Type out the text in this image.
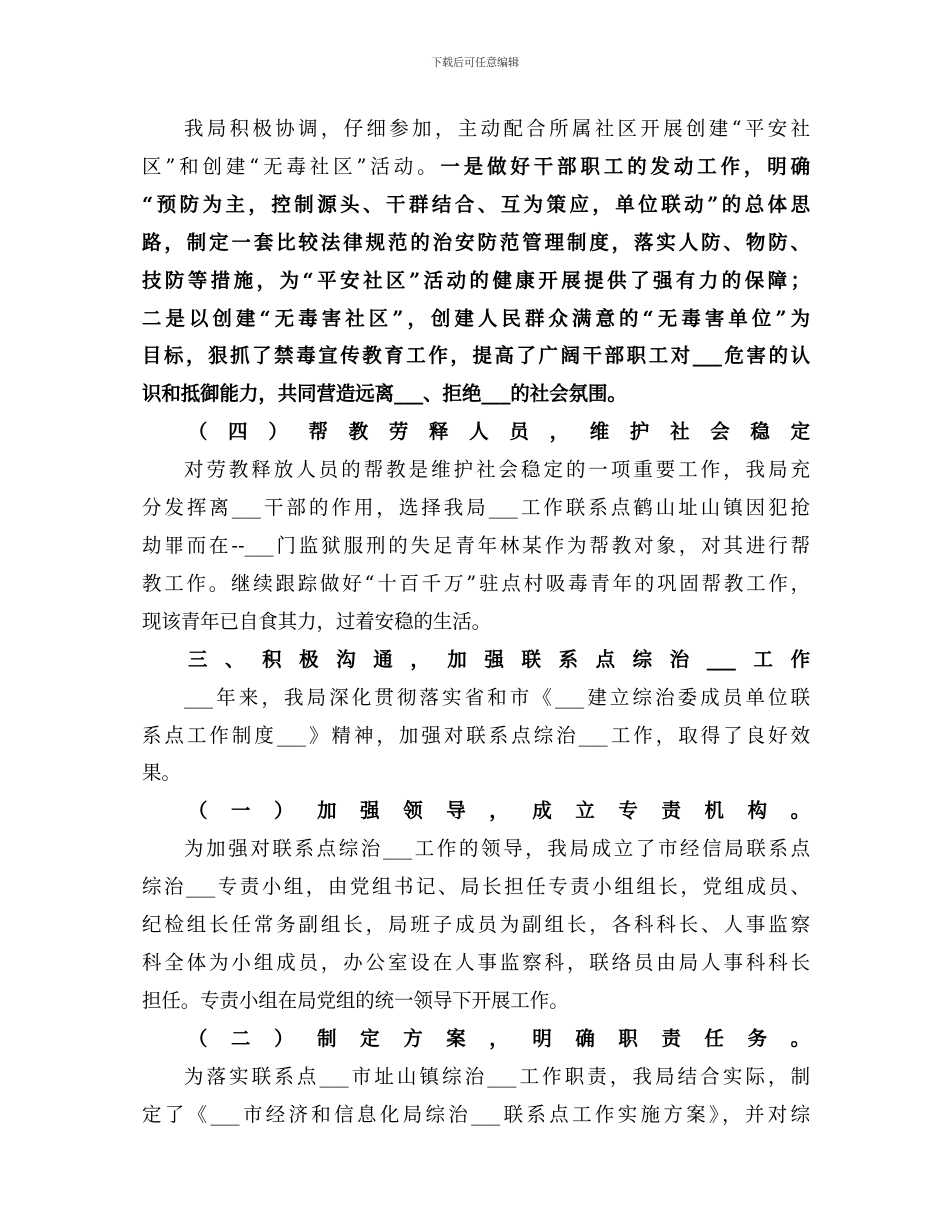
下载后可任意编辑

我局积极协调，仔细参加，主动配合所属社区开展创建“平安社

区”和创建“无毒社区”活动。一是做好干部职工的发动工作，明确

“预防为主，控制源头、干群结合、互为策应，单位联动”的总体思

路，制定一套比较法律规范的治安防范管理制度，落实人防、物防、

技防等措施，为“平安社区”活动的健康开展提供了强有力的保障；

二是以创建“无毒害社区”，创建人民群众满意的“无毒害单位”为

目标，狠抓了禁毒宣传教育工作，提高了广阔干部职工对___危害的认

识和抵御能力，共同营造远离___、拒绝___的社会氛围。

（四）帮教劳释人员，维护社会稳定

对劳教释放人员的帮教是维护社会稳定的一项重要工作，我局充

分发挥离___干部的作用，选择我局___工作联系点鹤山址山镇因犯抢

劫罪而在--___门监狱服刑的失足青年林某作为帮教对象，对其进行帮

教工作。继续跟踪做好“十百千万”驻点村吸毒青年的巩固帮教工作，

现该青年已自食其力，过着安稳的生活。

三、积极沟通，加强联系点综治___工作

___年来，我局深化贯彻落实省和市《___建立综治委成员单位联

系点工作制度___》精神，加强对联系点综治___工作，取得了良好效

果。

（一）加强领导，成立专责机构。

为加强对联系点综治___工作的领导，我局成立了市经信局联系点

综治___专责小组，由党组书记、局长担任专责小组组长，党组成员、

纪检组长任常务副组长，局班子成员为副组长，各科科长、人事监察

科全体为小组成员，办公室设在人事监察科，联络员由局人事科科长

担任。专责小组在局党组的统一领导下开展工作。

（二）制定方案，明确职责任务。

为落实联系点___市址山镇综治___工作职责，我局结合实际，制

定了《___市经济和信息化局综治___联系点工作实施方案》，并对综
